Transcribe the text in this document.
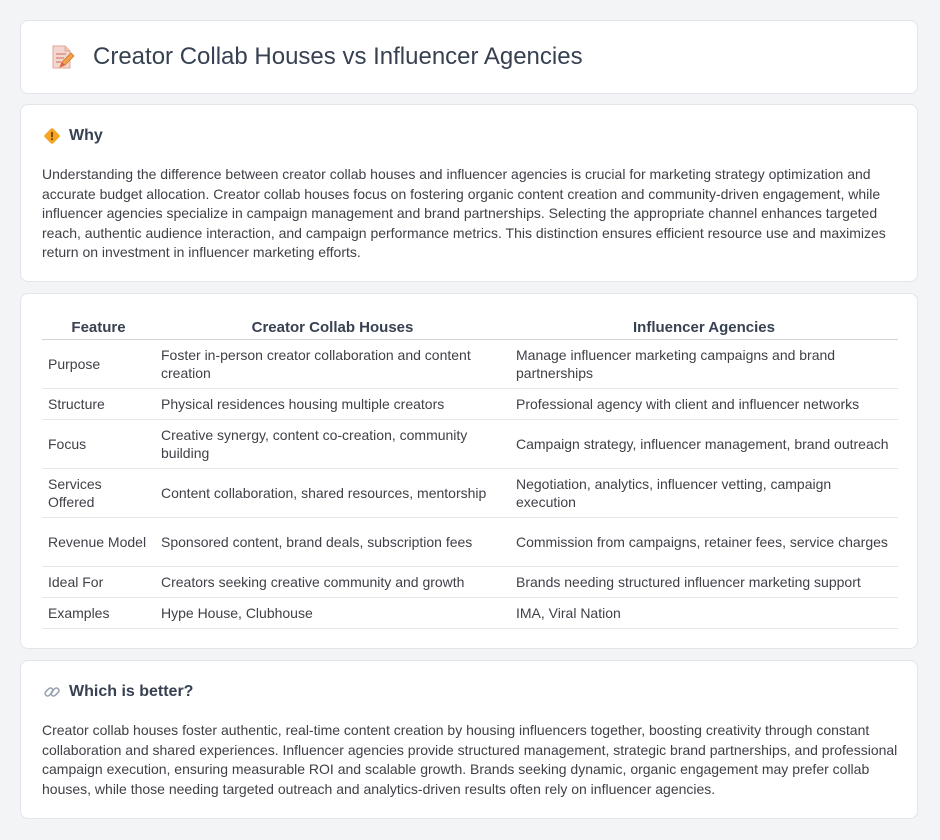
Creator Collab Houses vs Influencer Agencies
Why
Understanding the difference between creator collab houses and influencer agencies is crucial for marketing strategy optimization and accurate budget allocation. Creator collab houses focus on fostering organic content creation and community-driven engagement, while influencer agencies specialize in campaign management and brand partnerships. Selecting the appropriate channel enhances targeted reach, authentic audience interaction, and campaign performance metrics. This distinction ensures efficient resource use and maximizes return on investment in influencer marketing efforts.
Feature	Creator Collab Houses	Influencer Agencies
Purpose	Foster in-person creator collaboration and content creation	Manage influencer marketing campaigns and brand partnerships
Structure	Physical residences housing multiple creators	Professional agency with client and influencer networks
Focus	Creative synergy, content co-creation, community building	Campaign strategy, influencer management, brand outreach
Services Offered	Content collaboration, shared resources, mentorship	Negotiation, analytics, influencer vetting, campaign execution
Revenue Model	Sponsored content, brand deals, subscription fees	Commission from campaigns, retainer fees, service charges
Ideal For	Creators seeking creative community and growth	Brands needing structured influencer marketing support
Examples	Hype House, Clubhouse	IMA, Viral Nation
Which is better?
Creator collab houses foster authentic, real-time content creation by housing influencers together, boosting creativity through constant collaboration and shared experiences. Influencer agencies provide structured management, strategic brand partnerships, and professional campaign execution, ensuring measurable ROI and scalable growth. Brands seeking dynamic, organic engagement may prefer collab houses, while those needing targeted outreach and analytics-driven results often rely on influencer agencies.
